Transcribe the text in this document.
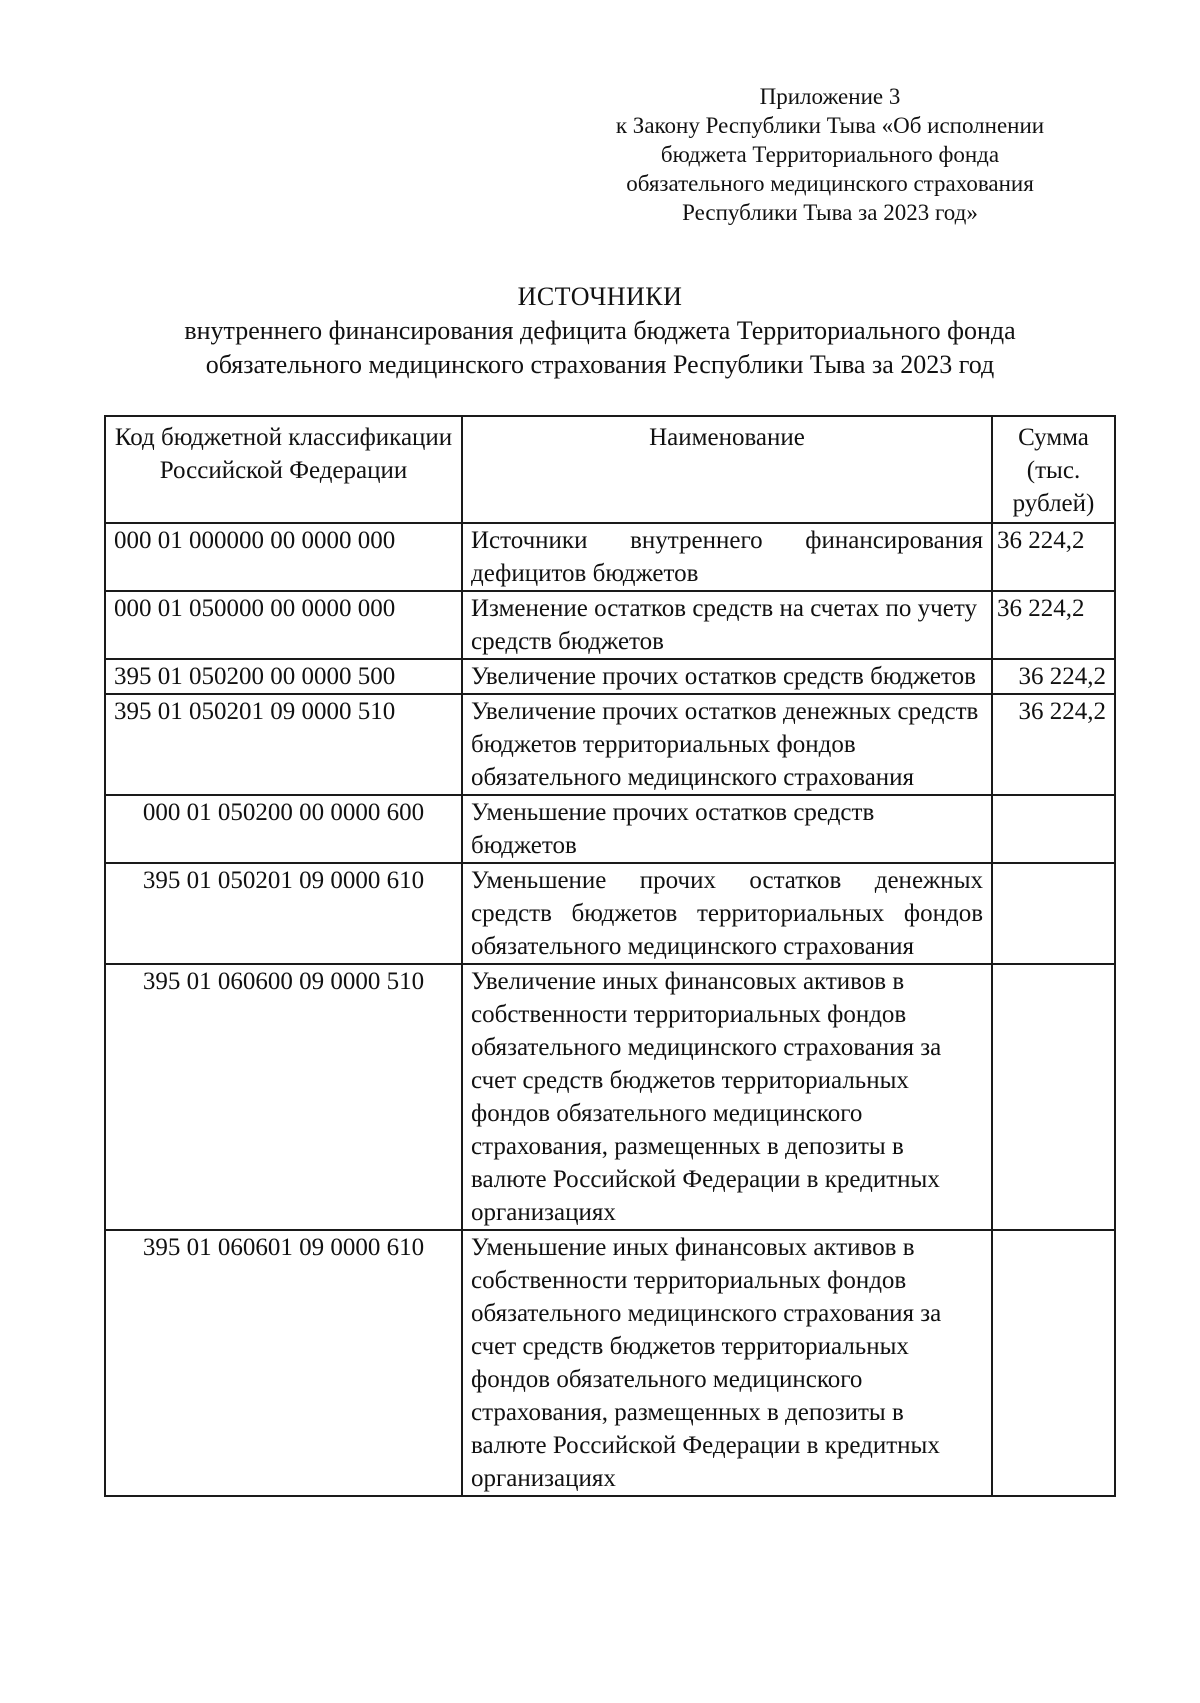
Приложение 3
к Закону Республики Тыва «Об исполнении
бюджета Территориального фонда
обязательного медицинского страхования
Республики Тыва за 2023 год»
ИСТОЧНИКИ
внутреннего финансирования дефицита бюджета Территориального фонда
обязательного медицинского страхования Республики Тыва за 2023 год
Код бюджетной классификации Российской Федерации	Наименование	Сумма (тыс. рублей)
000 01 000000 00 0000 000	Источники внутреннего финансирования дефицитов бюджетов	36 224,2
000 01 050000 00 0000 000	Изменение остатков средств на счетах по учету средств бюджетов	36 224,2
395 01 050200 00 0000 500	Увеличение прочих остатков средств бюджетов	36 224,2
395 01 050201 09 0000 510	Увеличение прочих остатков денежных средств бюджетов территориальных фондов обязательного медицинского страхования	36 224,2
000 01 050200 00 0000 600	Уменьшение прочих остатков средств бюджетов	
395 01 050201 09 0000 610	Уменьшение прочих остатков денежных средств бюджетов территориальных фондов обязательного медицинского страхования	
395 01 060600 09 0000 510	Увеличение иных финансовых активов в собственности территориальных фондов обязательного медицинского страхования за счет средств бюджетов территориальных фондов обязательного медицинского страхования, размещенных в депозиты в валюте Российской Федерации в кредитных организациях	
395 01 060601 09 0000 610	Уменьшение иных финансовых активов в собственности территориальных фондов обязательного медицинского страхования за счет средств бюджетов территориальных фондов обязательного медицинского страхования, размещенных в депозиты в валюте Российской Федерации в кредитных организациях	
